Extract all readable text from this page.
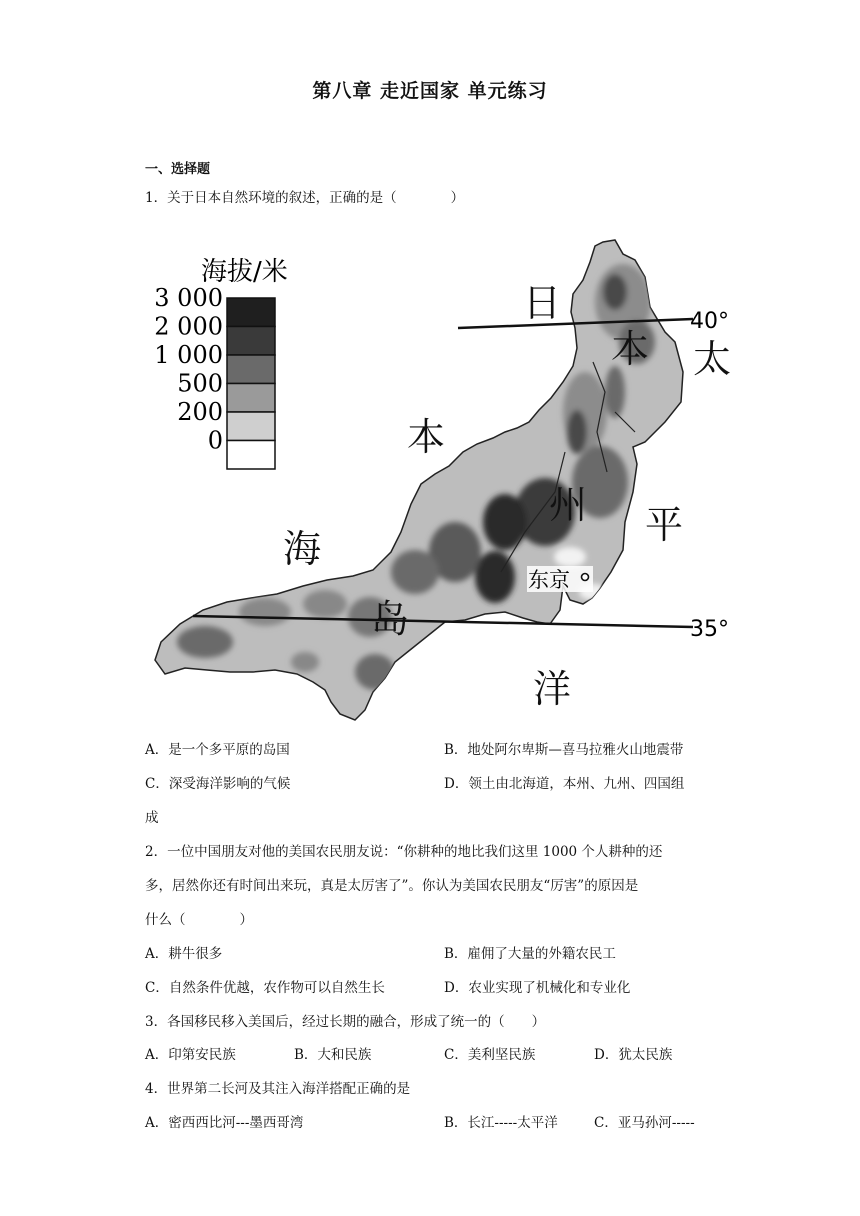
第八章 走近国家 单元练习
一、选择题
1．关于日本自然环境的叙述，正确的是（　　　　）
海拔/米
3 000
2 000
1 000
500
200
0
40°
35°
日
本 太
本
州 平
海
岛
洋
东京
A．是一个多平原的岛国	B．地处阿尔卑斯—喜马拉雅火山地震带
C．深受海洋影响的气候	D．领土由北海道，本州、九州、四国组
成
2．一位中国朋友对他的美国农民朋友说：“你耕种的地比我们这里 1000 个人耕种的还
多，居然你还有时间出来玩，真是太厉害了”。你认为美国农民朋友“厉害”的原因是
什么（　　　　）
A．耕牛很多	B．雇佣了大量的外籍农民工
C．自然条件优越，农作物可以自然生长	D．农业实现了机械化和专业化
3．各国移民移入美国后，经过长期的融合，形成了统一的（　　）
A．印第安民族	B．大和民族	C．美利坚民族	D．犹太民族
4．世界第二长河及其注入海洋搭配正确的是
A．密西西比河---墨西哥湾	B．长江-----太平洋	C．亚马孙河-----
